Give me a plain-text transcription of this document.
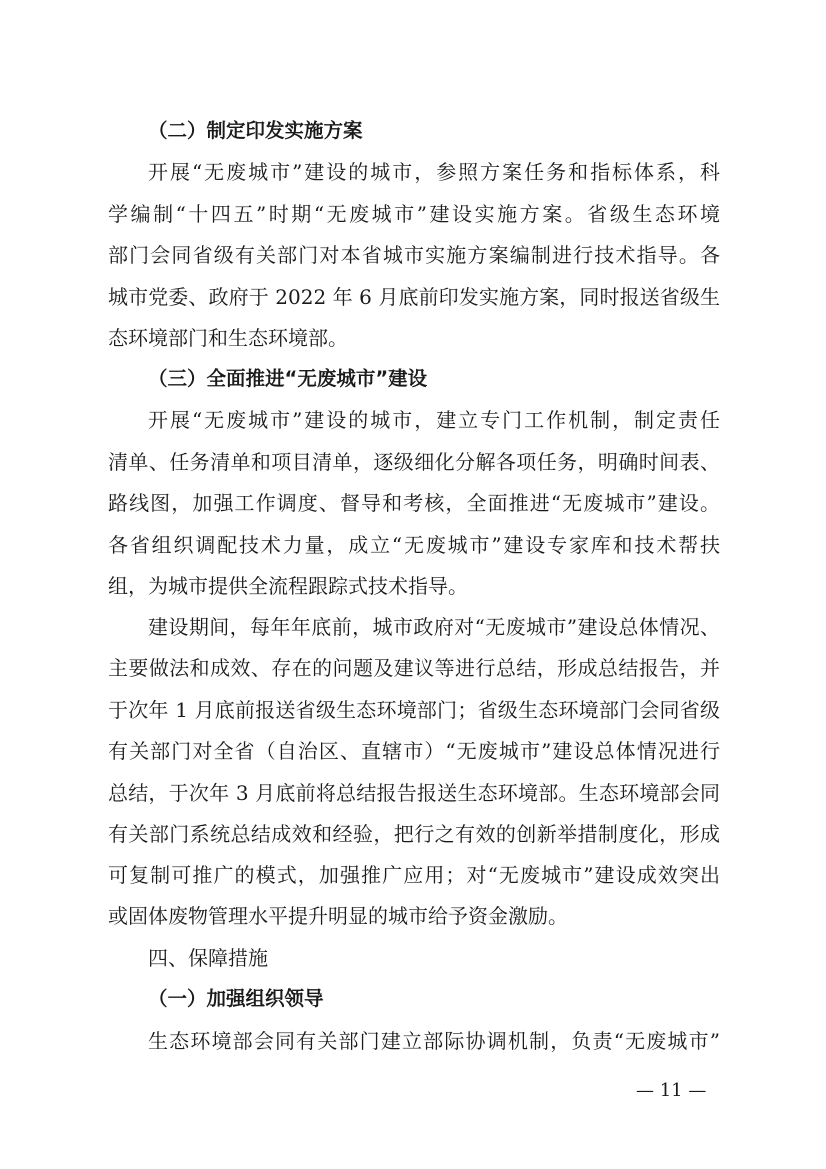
（二）制定印发实施方案
开展“无废城市”建设的城市，参照方案任务和指标体系，科
学编制“十四五”时期“无废城市”建设实施方案。省级生态环境
部门会同省级有关部门对本省城市实施方案编制进行技术指导。各
城市党委、政府于 2022 年 6 月底前印发实施方案，同时报送省级生
态环境部门和生态环境部。
（三）全面推进“无废城市”建设
开展“无废城市”建设的城市，建立专门工作机制，制定责任
清单、任务清单和项目清单，逐级细化分解各项任务，明确时间表、
路线图，加强工作调度、督导和考核，全面推进“无废城市”建设。
各省组织调配技术力量，成立“无废城市”建设专家库和技术帮扶
组，为城市提供全流程跟踪式技术指导。
建设期间，每年年底前，城市政府对“无废城市”建设总体情况、
主要做法和成效、存在的问题及建议等进行总结，形成总结报告，并
于次年 1 月底前报送省级生态环境部门；省级生态环境部门会同省级
有关部门对全省（自治区、直辖市）“无废城市”建设总体情况进行
总结，于次年 3 月底前将总结报告报送生态环境部。生态环境部会同
有关部门系统总结成效和经验，把行之有效的创新举措制度化，形成
可复制可推广的模式，加强推广应用；对“无废城市”建设成效突出
或固体废物管理水平提升明显的城市给予资金激励。
四、保障措施
（一）加强组织领导
生态环境部会同有关部门建立部际协调机制，负责“无废城市”
— 11 —
